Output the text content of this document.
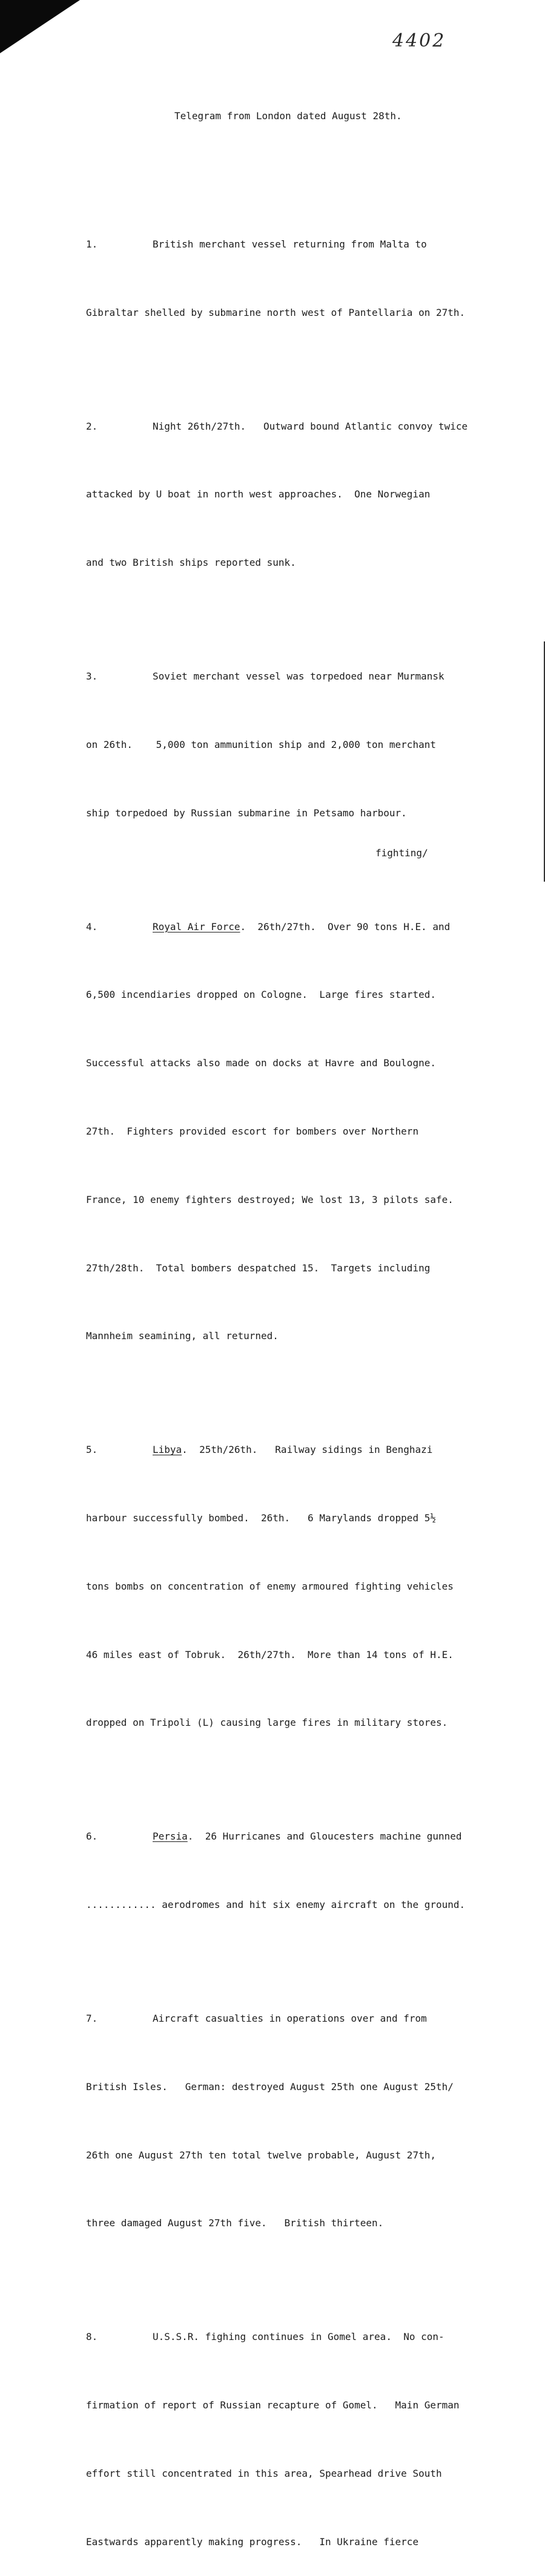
4402
Telegram from London dated August 28th.

1.	British merchant vessel returning from Malta to

Gibraltar shelled by submarine north west of Pantellaria on 27th.

2.	Night 26th/27th.   Outward bound Atlantic convoy twice

attacked by U boat in north west approaches.  One Norwegian

and two British ships reported sunk.

3.	Soviet merchant vessel was torpedoed near Murmansk

on 26th.    5,000 ton ammunition ship and 2,000 ton merchant

ship torpedoed by Russian submarine in Petsamo harbour.

4.	Royal Air Force.  26th/27th.  Over 90 tons H.E. and

6,500 incendiaries dropped on Cologne.  Large fires started.

Successful attacks also made on docks at Havre and Boulogne.

27th.  Fighters provided escort for bombers over Northern

France, 10 enemy fighters destroyed; We lost 13, 3 pilots safe.

27th/28th.  Total bombers despatched 15.  Targets including

Mannheim seamining, all returned.

5.	Libya.  25th/26th.   Railway sidings in Benghazi

harbour successfully bombed.  26th.   6 Marylands dropped 5½

tons bombs on concentration of enemy armoured fighting vehicles

46 miles east of Tobruk.  26th/27th.  More than 14 tons of H.E.

dropped on Tripoli (L) causing large fires in military stores.

6.	Persia.  26 Hurricanes and Gloucesters machine gunned

............ aerodromes and hit six enemy aircraft on the ground.

7.	Aircraft casualties in operations over and from

British Isles.   German: destroyed August 25th one August 25th/

26th one August 27th ten total twelve probable, August 27th,

three damaged August 27th five.   British thirteen.

8.	U.S.S.R. fighing continues in Gomel area.  No con-

firmation of report of Russian recapture of Gomel.   Main German

effort still concentrated in this area, Spearhead drive South

Eastwards apparently making progress.   In Ukraine fierce

fighting/
